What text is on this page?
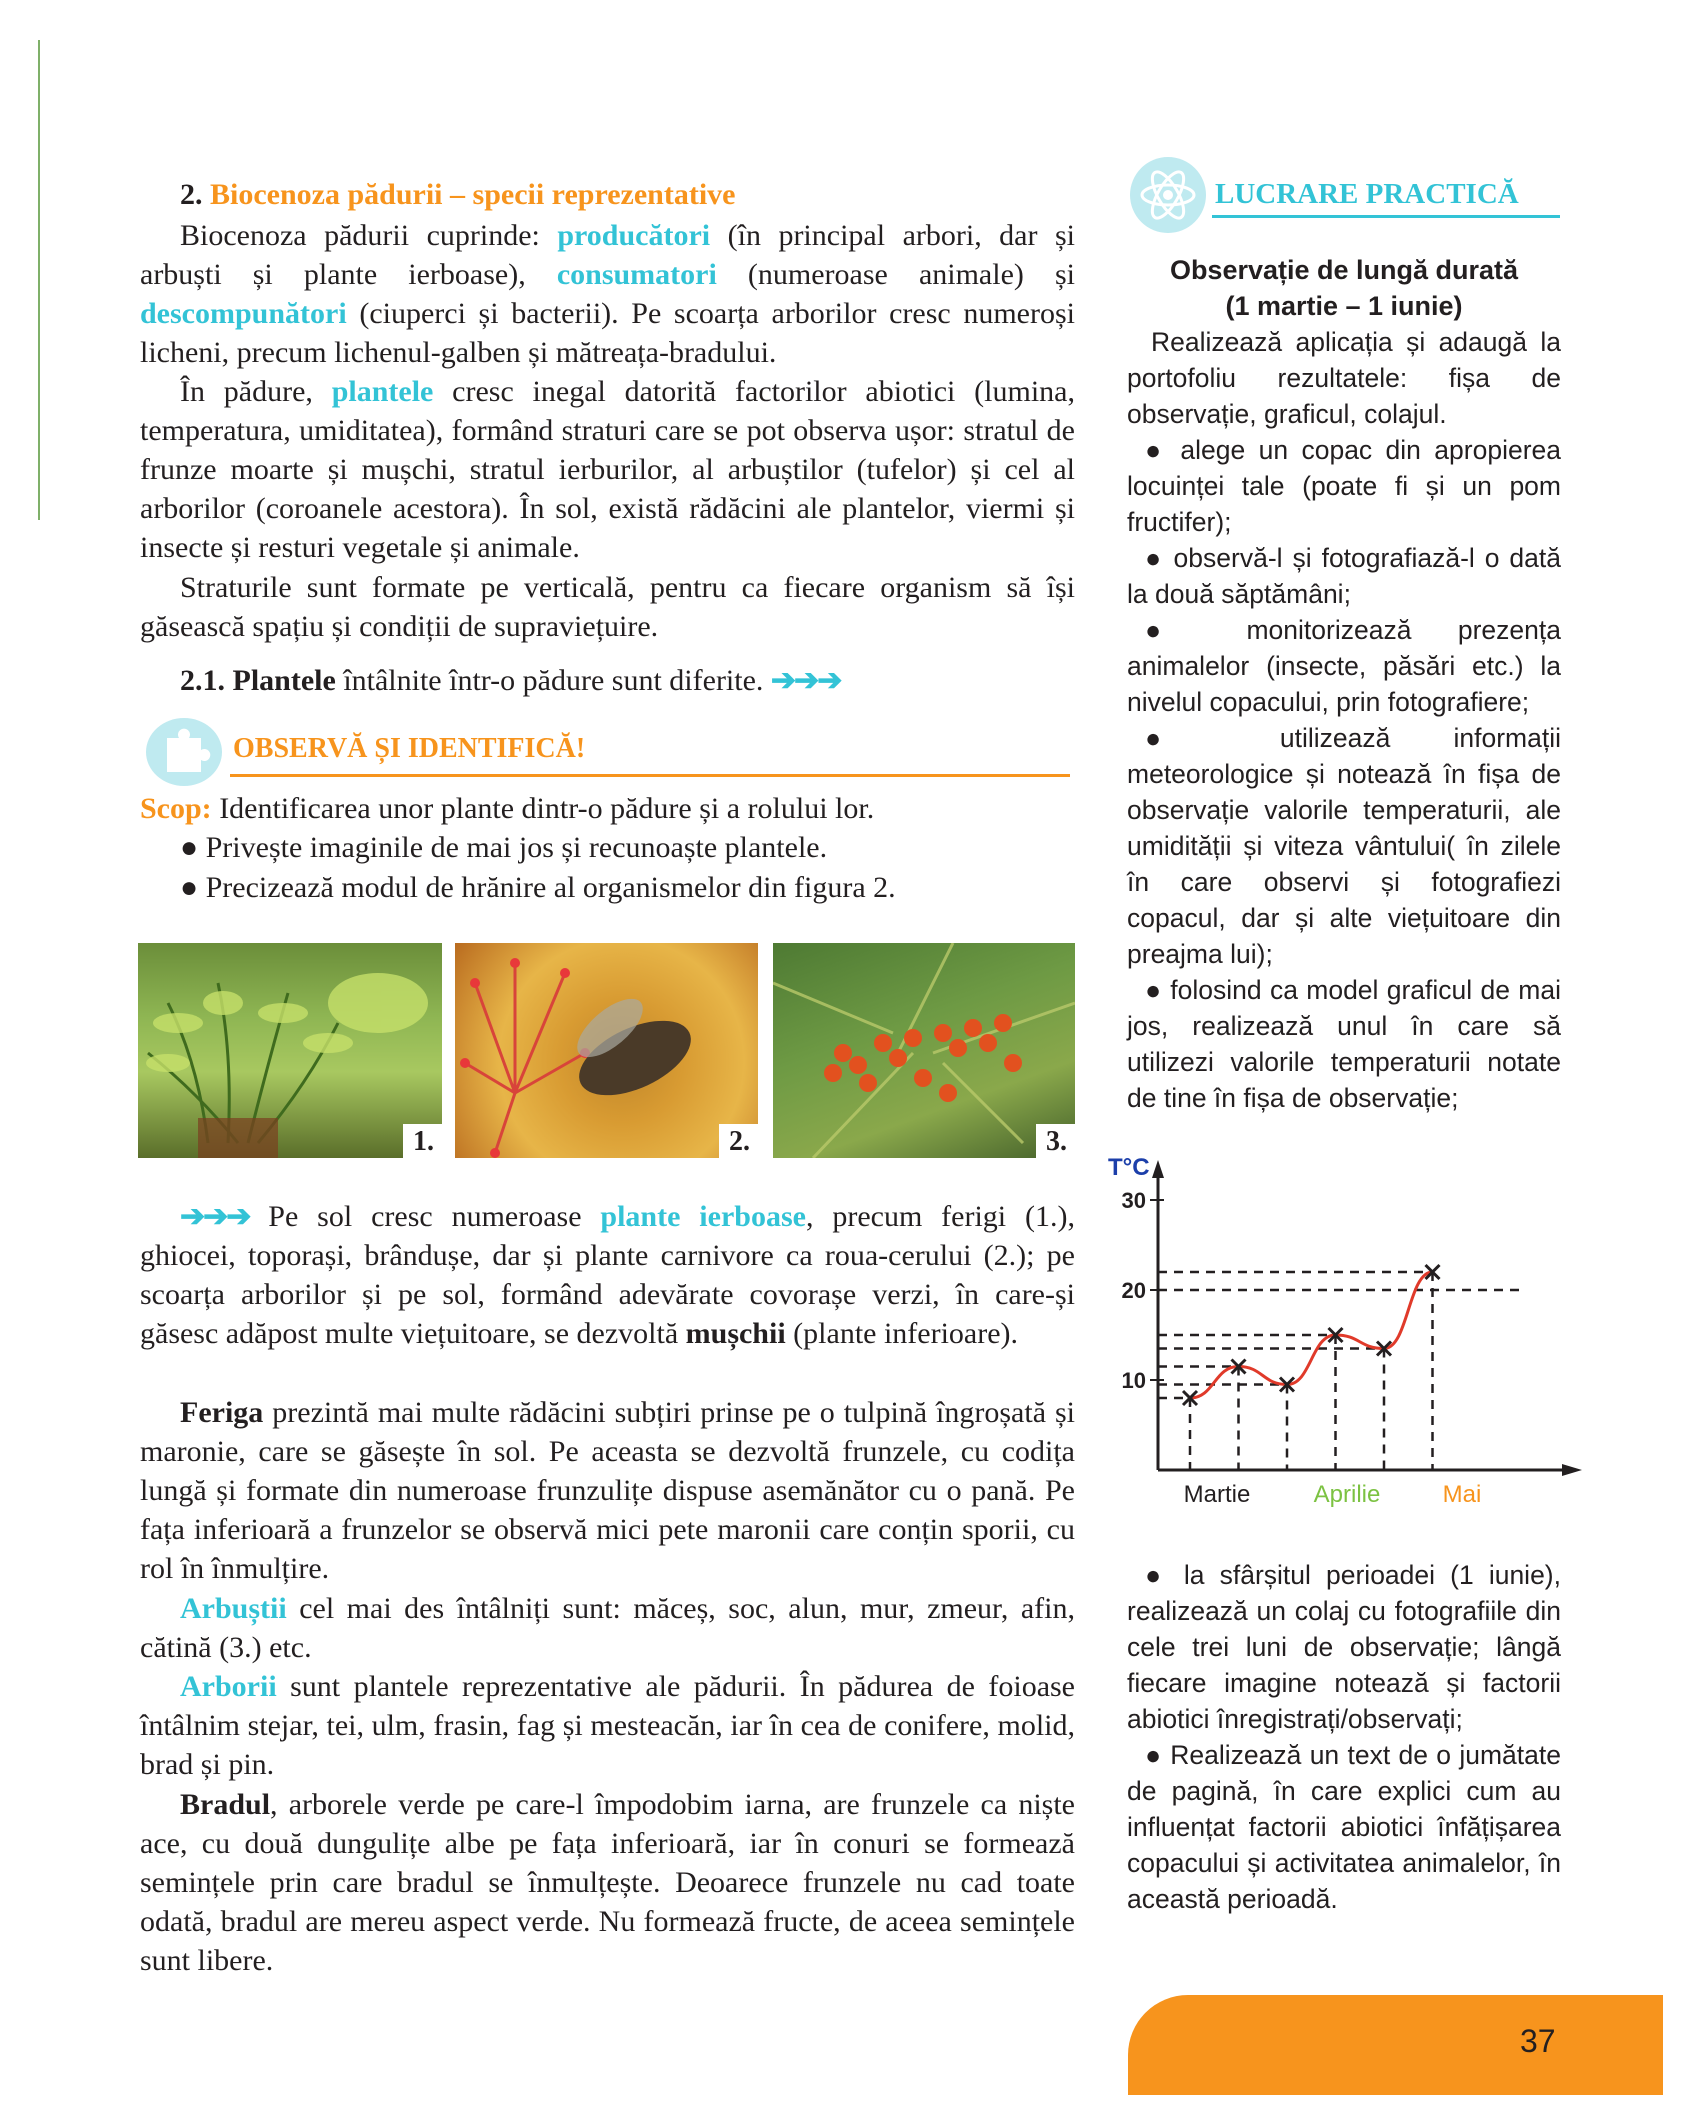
2. Biocenoza pădurii – specii reprezentative

Biocenoza pădurii cuprinde: producători (în principal arbori, dar și arbuști și plante ierboase), consumatori (numeroase animale) și descompunători (ciuperci și bacterii). Pe scoarța arborilor cresc numeroși licheni, precum lichenul-galben și mătreața-bradului.

În pădure, plantele cresc inegal datorită factorilor abiotici (lumina, temperatura, umiditatea), formând straturi care se pot observa ușor: stratul de frunze moarte și mușchi, stratul ierburilor, al arbuștilor (tufelor) și cel al arborilor (coroanele acestora). În sol, există rădăcini ale plantelor, viermi și insecte și resturi vegetale și animale.

Straturile sunt formate pe verticală, pentru ca fiecare organism să își găsească spațiu și condiții de supraviețuire.

2.1. Plantele întâlnite într-o pădure sunt diferite. ➔➔➔
OBSERVĂ ȘI IDENTIFICĂ!
Scop: Identificarea unor plante dintr-o pădure și a rolului lor.
● Privește imaginile de mai jos și recunoaște plantele.
● Precizează modul de hrănire al organismelor din figura 2.
1.	2.	3.

➔➔➔ Pe sol cresc numeroase plante ierboase, precum ferigi (1.), ghiocei, toporași, brândușe, dar și plante carnivore ca roua-cerului (2.); pe scoarța arborilor și pe sol, formând adevărate covorașe verzi, în care-și găsesc adăpost multe viețuitoare, se dezvoltă mușchii (plante inferioare).

Feriga prezintă mai multe rădăcini subțiri prinse pe o tulpină îngroșată și maronie, care se găsește în sol. Pe aceasta se dezvoltă frunzele, cu codița lungă și formate din numeroase frunzulițe dispuse asemănător cu o pană. Pe fața inferioară a frunzelor se observă mici pete maronii care conțin sporii, cu rol în înmulțire.

Arbuștii cel mai des întâlniți sunt: măceș, soc, alun, mur, zmeur, afin, cătină (3.) etc.

Arborii sunt plantele reprezentative ale pădurii. În pădurea de foioase întâlnim stejar, tei, ulm, frasin, fag și mesteacăn, iar în cea de conifere, molid, brad și pin.

Bradul, arborele verde pe care-l împodobim iarna, are frunzele ca niște ace, cu două dungulițe albe pe fața inferioară, iar în conuri se formează semințele prin care bradul se înmulțește. Deoarece frunzele nu cad toate odată, bradul are mereu aspect verde. Nu formează fructe, de aceea semințele sunt libere.

LUCRARE PRACTICĂ
Observație de lungă durată
(1 martie – 1 iunie)

Realizează aplicația și adaugă la portofoliu rezultatele: fișa de observație, graficul, colajul.

● alege un copac din apropierea locuinței tale (poate fi și un pom fructifer);

● observă-l și fotografiază-l o dată la două săptămâni;

● monitorizează prezența animalelor (insecte, păsări etc.) la nivelul copacului, prin fotografiere;

● utilizează informații meteorologice și notează în fișa de observație valorile temperaturii, ale umidității și viteza vântului( în zilele în care observi și fotografiezi copacul, dar și alte viețuitoare din preajma lui);

● folosind ca model graficul de mai jos, realizează unul în care să utilizezi valorile temperaturii notate de tine în fișa de observație;

T°C
10
20
30
Martie	Aprilie	Mai

● la sfârșitul perioadei (1 iunie), realizează un colaj cu fotografiile din cele trei luni de observație; lângă fiecare imagine notează și factorii abiotici înregistrați/observați;

● Realizează un text de o jumătate de pagină, în care explici cum au influențat factorii abiotici înfățișarea copacului și activitatea animalelor, în această perioadă.

37
